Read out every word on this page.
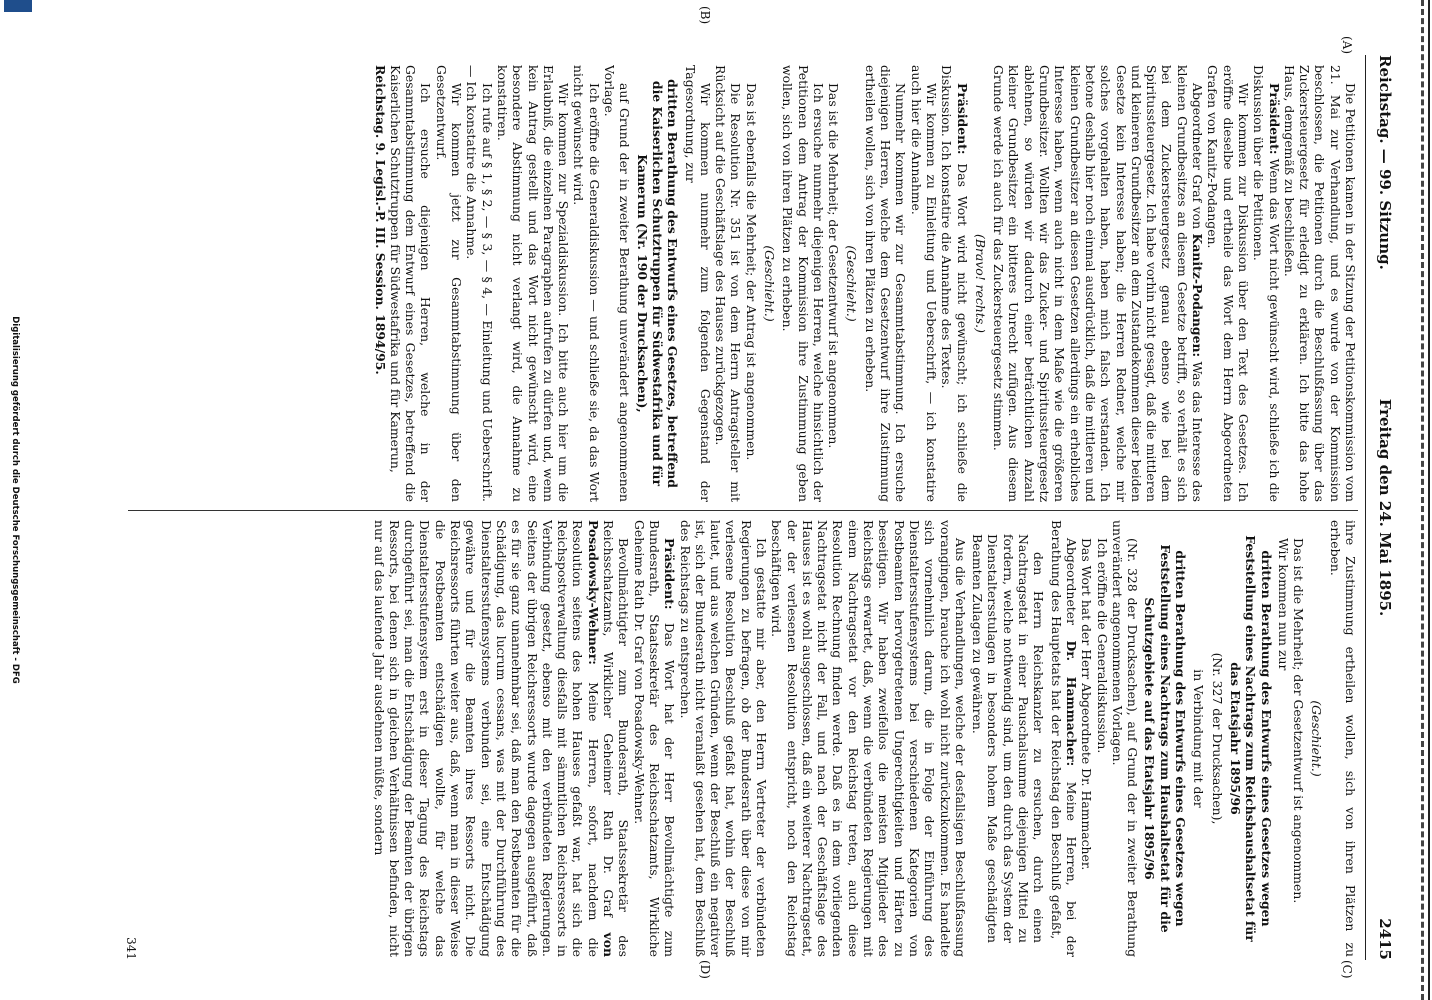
Reichstag. — 99. Sitzung.
Freitag den 24. Mai 1895.
2415
(A)
(B)
(C)
(D)

Die Petitionen kamen in der Sitzung der Petitionskommission vom 21. Mai zur Verhandlung, und es wurde von der Kommission beschlossen, die Petitionen durch die Beschlußfassung über das Zuckersteuergesetz für erledigt zu erklären. Ich bitte das hohe Haus, demgemäß zu beschließen.

Präsident: Wenn das Wort nicht gewünscht wird, schließe ich die Diskussion über die Petitionen.

Wir kommen zur Diskussion über den Text des Gesetzes. Ich eröffne dieselbe und ertheile das Wort dem Herrn Abgeordneten Grafen von Kanitz-Podangen.

Abgeordneter Graf von Kanitz-Podangen: Was das Interesse des kleinen Grundbesitzes an diesem Gesetze betrifft, so verhält es sich bei dem Zuckersteuergesetz genau ebenso wie bei dem Spiritussteuergesetz. Ich habe vorhin nicht gesagt, daß die mittleren und kleineren Grundbesitzer an dem Zustandekommen dieser beiden Gesetze kein Interesse haben; die Herren Redner, welche mir solches vorgehalten haben, haben mich falsch verstanden. Ich betone deshalb hier noch einmal ausdrücklich, daß die mittleren und kleinen Grundbesitzer an diesen Gesetzen allerdings ein erhebliches Interesse haben, wenn auch nicht in dem Maße wie die größeren Grundbesitzer. Wollten wir das Zucker- und Spiritussteuergesetz ablehnen, so würden wir dadurch einer beträchtlichen Anzahl kleiner Grundbesitzer ein bitteres Unrecht zufügen. Aus diesem Grunde werde ich auch für das Zuckersteuergesetz stimmen.

(Bravo! rechts.)

Präsident: Das Wort wird nicht gewünscht; ich schließe die Diskussion. Ich konstatire die Annahme des Textes.

Wir kommen zu Einleitung und Ueberschrift, — ich konstatire auch hier die Annahme.

Nunmehr kommen wir zur Gesammtabstimmung. Ich ersuche diejenigen Herren, welche dem Gesetzentwurf ihre Zustimmung ertheilen wollen, sich von ihren Plätzen zu erheben.

(Geschieht.)

Das ist die Mehrheit; der Gesetzentwurf ist angenommen.

Ich ersuche nunmehr diejenigen Herren, welche hinsichtlich der Petitionen dem Antrag der Kommission ihre Zustimmung geben wollen, sich von ihren Plätzen zu erheben.

(Geschieht.)

Das ist ebenfalls die Mehrheit; der Antrag ist angenommen.

Die Resolution Nr. 351 ist von dem Herrn Antragsteller mit Rücksicht auf die Geschäftslage des Hauses zurückgezogen.

Wir kommen nunmehr zum folgenden Gegenstand der Tagesordnung, zur

dritten Berathung des Entwurfs eines Gesetzes, betreffend die Kaiserlichen Schutztruppen für Südwestafrika und für Kamerun (Nr. 190 der Drucksachen),

auf Grund der in zweiter Berathung unverändert angenommenen Vorlage.

Ich eröffne die Generaldiskussion — und schließe sie, da das Wort nicht gewünscht wird.

Wir kommen zur Spezialdiskussion. Ich bitte auch hier um die Erlaubniß, die einzelnen Paragraphen aufrufen zu dürfen und, wenn kein Antrag gestellt und das Wort nicht gewünscht wird, eine besondere Abstimmung nicht verlangt wird, die Annahme zu konstatiren.

Ich rufe auf § 1, § 2, — § 3, — § 4, — Einleitung und Ueberschrift. — Ich konstatire die Annahme.

Wir kommen jetzt zur Gesammtabstimmung über den Gesetzentwurf.

Ich ersuche diejenigen Herren, welche in der Gesammtabstimmung dem Entwurf eines Gesetzes, betreffend die Kaiserlichen Schutztruppen für Südwestafrika und für Kamerun,

Reichstag. 9. Legisl.-P. III. Session. 1894/95.

ihre Zustimmung ertheilen wollen, sich von ihren Plätzen zu erheben.

(Geschieht.)

Das ist die Mehrheit; der Gesetzentwurf ist angenommen.

Wir kommen nun zur

dritten Berathung des Entwurfs eines Gesetzes wegen Feststellung eines Nachtrags zum Reichshaushaltsetat für das Etatsjahr 1895/96

(Nr. 327 der Drucksachen),

in Verbindung mit der

dritten Berathung des Entwurfs eines Gesetzes wegen Feststellung eines Nachtrags zum Haushaltsetat für die Schutzgebiete auf das Etatsjahr 1895/96

(Nr. 328 der Drucksachen), auf Grund der in zweiter Berathung unverändert angenommenen Vorlagen.

Ich eröffne die Generaldiskussion.

Das Wort hat der Herr Abgeordnete Dr. Hammacher.

Abgeordneter Dr. Hammacher: Meine Herren, bei der Berathung des Hauptetats hat der Reichstag den Beschluß gefaßt,

den Herrn Reichskanzler zu ersuchen, durch einen Nachtragsetat in einer Pauschalsumme diejenigen Mittel zu fordern, welche nothwendig sind, um den durch das System der Dienstaltersstulagen in besonders hohem Maße geschädigten Beamten Zulagen zu gewähren.

Aus die Verhandlungen, welche der desfallsigen Beschlußfassung vorangingen, brauche ich wohl nicht zurückzukommen. Es handelte sich vornehmlich darum, die in Folge der Einführung des Dienstaltersstufensystems bei verschiedenen Kategorien von Postbeamten hervorgetretenen Ungerechtigkeiten und Härten zu beseitigen. Wir haben zweifellos die meisten Mitglieder des Reichstags erwartet, daß, wenn die verbündeten Regierungen mit einem Nachtragsetat vor den Reichstag treten, auch diese Resolution Rechnung finden werde. Daß es in dem vorliegenden Nachtragsetat nicht der Fall, und nach der Geschäftslage des Hauses ist es wohl ausgeschlossen, daß ein weiterer Nachtragsetat, der der verlesenen Resolution entspricht, noch den Reichstag beschäftigen wird.

Ich gestatte mir aber, den Herrn Vertreter der verbündeten Regierungen zu befragen, ob der Bundesrath über diese von mir verlesene Resolution Beschluß gefaßt hat, wohin der Beschluß lautet, und aus welchen Gründen, wenn der Beschluß ein negativer ist, sich der Bundesrath nicht veranlaßt gesehen hat, dem Beschluß des Reichstags zu entsprechen.

Präsident: Das Wort hat der Herr Bevollmächtigte zum Bundesrath, Staatssekretär des Reichsschatzamts, Wirkliche Geheime Rath Dr. Graf von Posadowsky-Wehner.

Bevollmächtigter zum Bundesrath, Staatssekretär des Reichsschatzamts, Wirklicher Geheimer Rath Dr. Graf von Posadowsky-Wehner: Meine Herren, sofort, nachdem die Resolution seitens des hohen Hauses gefaßt war, hat sich die Reichspostverwaltung diesfalls mit sämmtlichen Reichsressorts in Verbindung gesetzt, ebenso mit den verbündeten Regierungen. Seitens der übrigen Reichsressorts wurde dagegen ausgeführt, daß es für sie ganz unannehmbar sei, daß man den Postbeamten für die Schädigung, das lucrum cessans, was mit der Durchführung des Dienstaltersstufensystems verbunden sei, eine Entschädigung gewähre und für die Beamten ihres Ressorts nicht. Die Reichsressorts führten weiter aus, daß, wenn man in dieser Weise die Postbeamten entschädigen wollte, für welche das Dienstaltersstufensystem erst in dieser Tagung des Reichstags durchgeführt sei, man die Entschädigung der Beamten der übrigen Ressorts, bei denen sich in gleichen Verhältnissen befinden, nicht nur auf das laufende Jahr ausdehnen müßte, sondern

341
Digitalisierung gefördert durch die Deutsche Forschungsgemeinschaft - DFG
